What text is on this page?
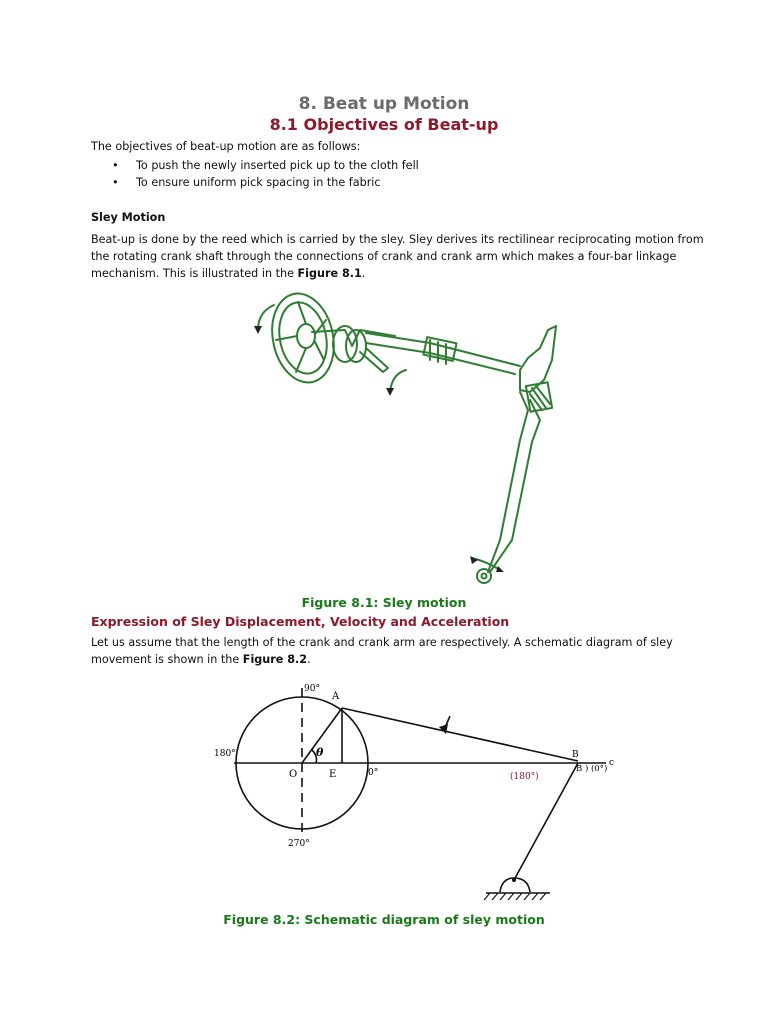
8. Beat up Motion
8.1 Objectives of Beat-up
The objectives of beat-up motion are as follows:
• To push the newly inserted pick up to the cloth fell
• To ensure uniform pick spacing in the fabric
Sley Motion
Beat-up is done by the reed which is carried by the sley. Sley derives its rectilinear reciprocating motion from
the rotating crank shaft through the connections of crank and crank arm which makes a four-bar linkage
mechanism. This is illustrated in the Figure 8.1.
Figure 8.1: Sley motion
Expression of Sley Displacement, Velocity and Acceleration
Let us assume that the length of the crank and crank arm are respectively. A schematic diagram of sley
movement is shown in the Figure 8.2.
90°
A
180°
O
θ
E	0°
270°
(180°)
B
B ) (0°)
c
Figure 8.2: Schematic diagram of sley motion
